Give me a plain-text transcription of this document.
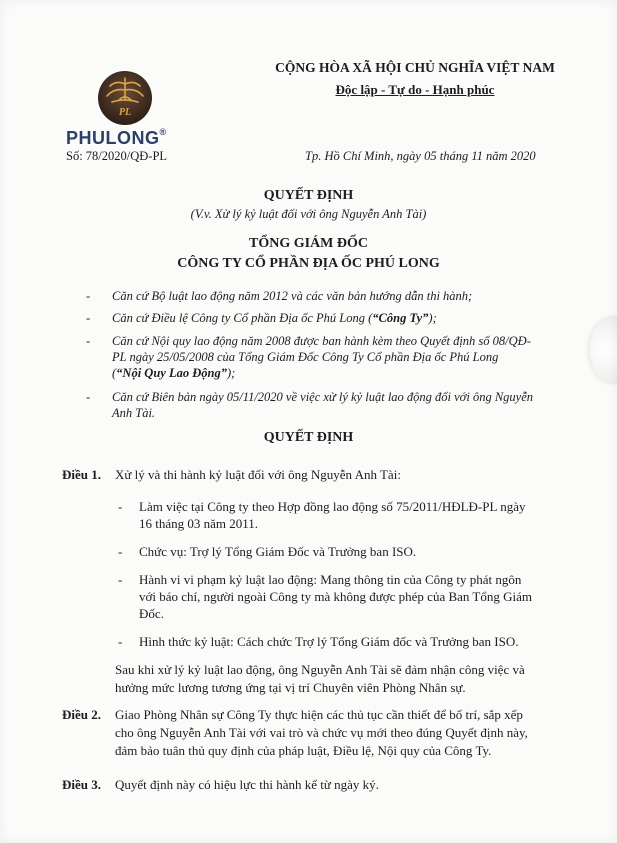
PL
PHULONG®
Số: 78/2020/QĐ-PL
CỘNG HÒA XÃ HỘI CHỦ NGHĨA VIỆT NAM
Độc lập - Tự do - Hạnh phúc
Tp. Hồ Chí Minh, ngày 05 tháng 11 năm 2020
QUYẾT ĐỊNH
(V.v. Xử lý kỷ luật đối với ông Nguyễn Anh Tài)
TỔNG GIÁM ĐỐC
CÔNG TY CỔ PHẦN ĐỊA ỐC PHÚ LONG
- Căn cứ Bộ luật lao động năm 2012 và các văn bản hướng dẫn thi hành;
- Căn cứ Điều lệ Công ty Cổ phần Địa ốc Phú Long (“Công Ty”);
- Căn cứ Nội quy lao động năm 2008 được ban hành kèm theo Quyết định số 08/QĐ-
PL ngày 25/05/2008 của Tổng Giám Đốc Công Ty Cổ phần Địa ốc Phú Long
(“Nội Quy Lao Động”);
- Căn cứ Biên bản ngày 05/11/2020 về việc xử lý kỷ luật lao động đối với ông Nguyễn
Anh Tài.
QUYẾT ĐỊNH
Điều 1. Xử lý và thi hành kỷ luật đối với ông Nguyễn Anh Tài:
- Làm việc tại Công ty theo Hợp đồng lao động số 75/2011/HĐLĐ-PL ngày
16 tháng 03 năm 2011.
- Chức vụ: Trợ lý Tổng Giám Đốc và Trưởng ban ISO.
- Hành vi vi phạm kỷ luật lao động: Mang thông tin của Công ty phát ngôn
với báo chí, người ngoài Công ty mà không được phép của Ban Tổng Giám
Đốc.
- Hình thức kỷ luật: Cách chức Trợ lý Tổng Giám đốc và Trưởng ban ISO.
Sau khi xử lý kỷ luật lao động, ông Nguyễn Anh Tài sẽ đảm nhận công việc và
hưởng mức lương tương ứng tại vị trí Chuyên viên Phòng Nhân sự.
Điều 2. Giao Phòng Nhân sự Công Ty thực hiện các thủ tục cần thiết để bố trí, sắp xếp
cho ông Nguyễn Anh Tài với vai trò và chức vụ mới theo đúng Quyết định này,
đảm bảo tuân thủ quy định của pháp luật, Điều lệ, Nội quy của Công Ty.
Điều 3. Quyết định này có hiệu lực thi hành kể từ ngày ký.
